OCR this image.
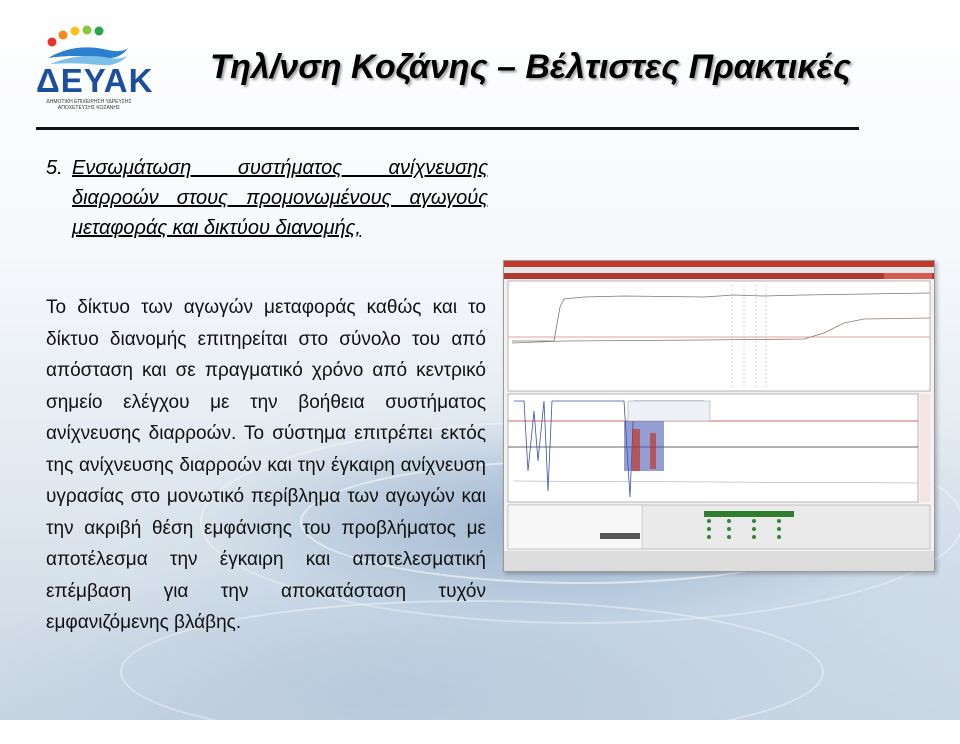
ΔΕΥΑΚ
ΔΗΜΟΤΙΚΗ ΕΠΙΧΕΙΡΗΣΗ ΥΔΡΕΥΣΗΣ ΑΠΟΧΕΤΕΥΣΗΣ ΚΟΖΑΝΗΣ
Τηλ/νση Κοζάνης – Βέλτιστες Πρακτικές
5. Ενσωμάτωση συστήματος ανίχνευσης διαρροών στους προμονωμένους αγωγούς μεταφοράς και δικτύου διανομής,
Το δίκτυο των αγωγών μεταφοράς καθώς και το δίκτυο διανομής επιτηρείται στο σύνολο του από απόσταση και σε πραγματικό χρόνο από κεντρικό σημείο ελέγχου με την βοήθεια συστήματος ανίχνευσης διαρροών. Το σύστημα επιτρέπει εκτός της ανίχνευσης διαρροών και την έγκαιρη ανίχνευση υγρασίας στο μονωτικό περίβλημα των αγωγών και την ακριβή θέση εμφάνισης του προβλήματος με αποτέλεσμα την έγκαιρη και αποτελεσματική επέμβαση για την αποκατάσταση τυχόν εμφανιζόμενης βλάβης.
